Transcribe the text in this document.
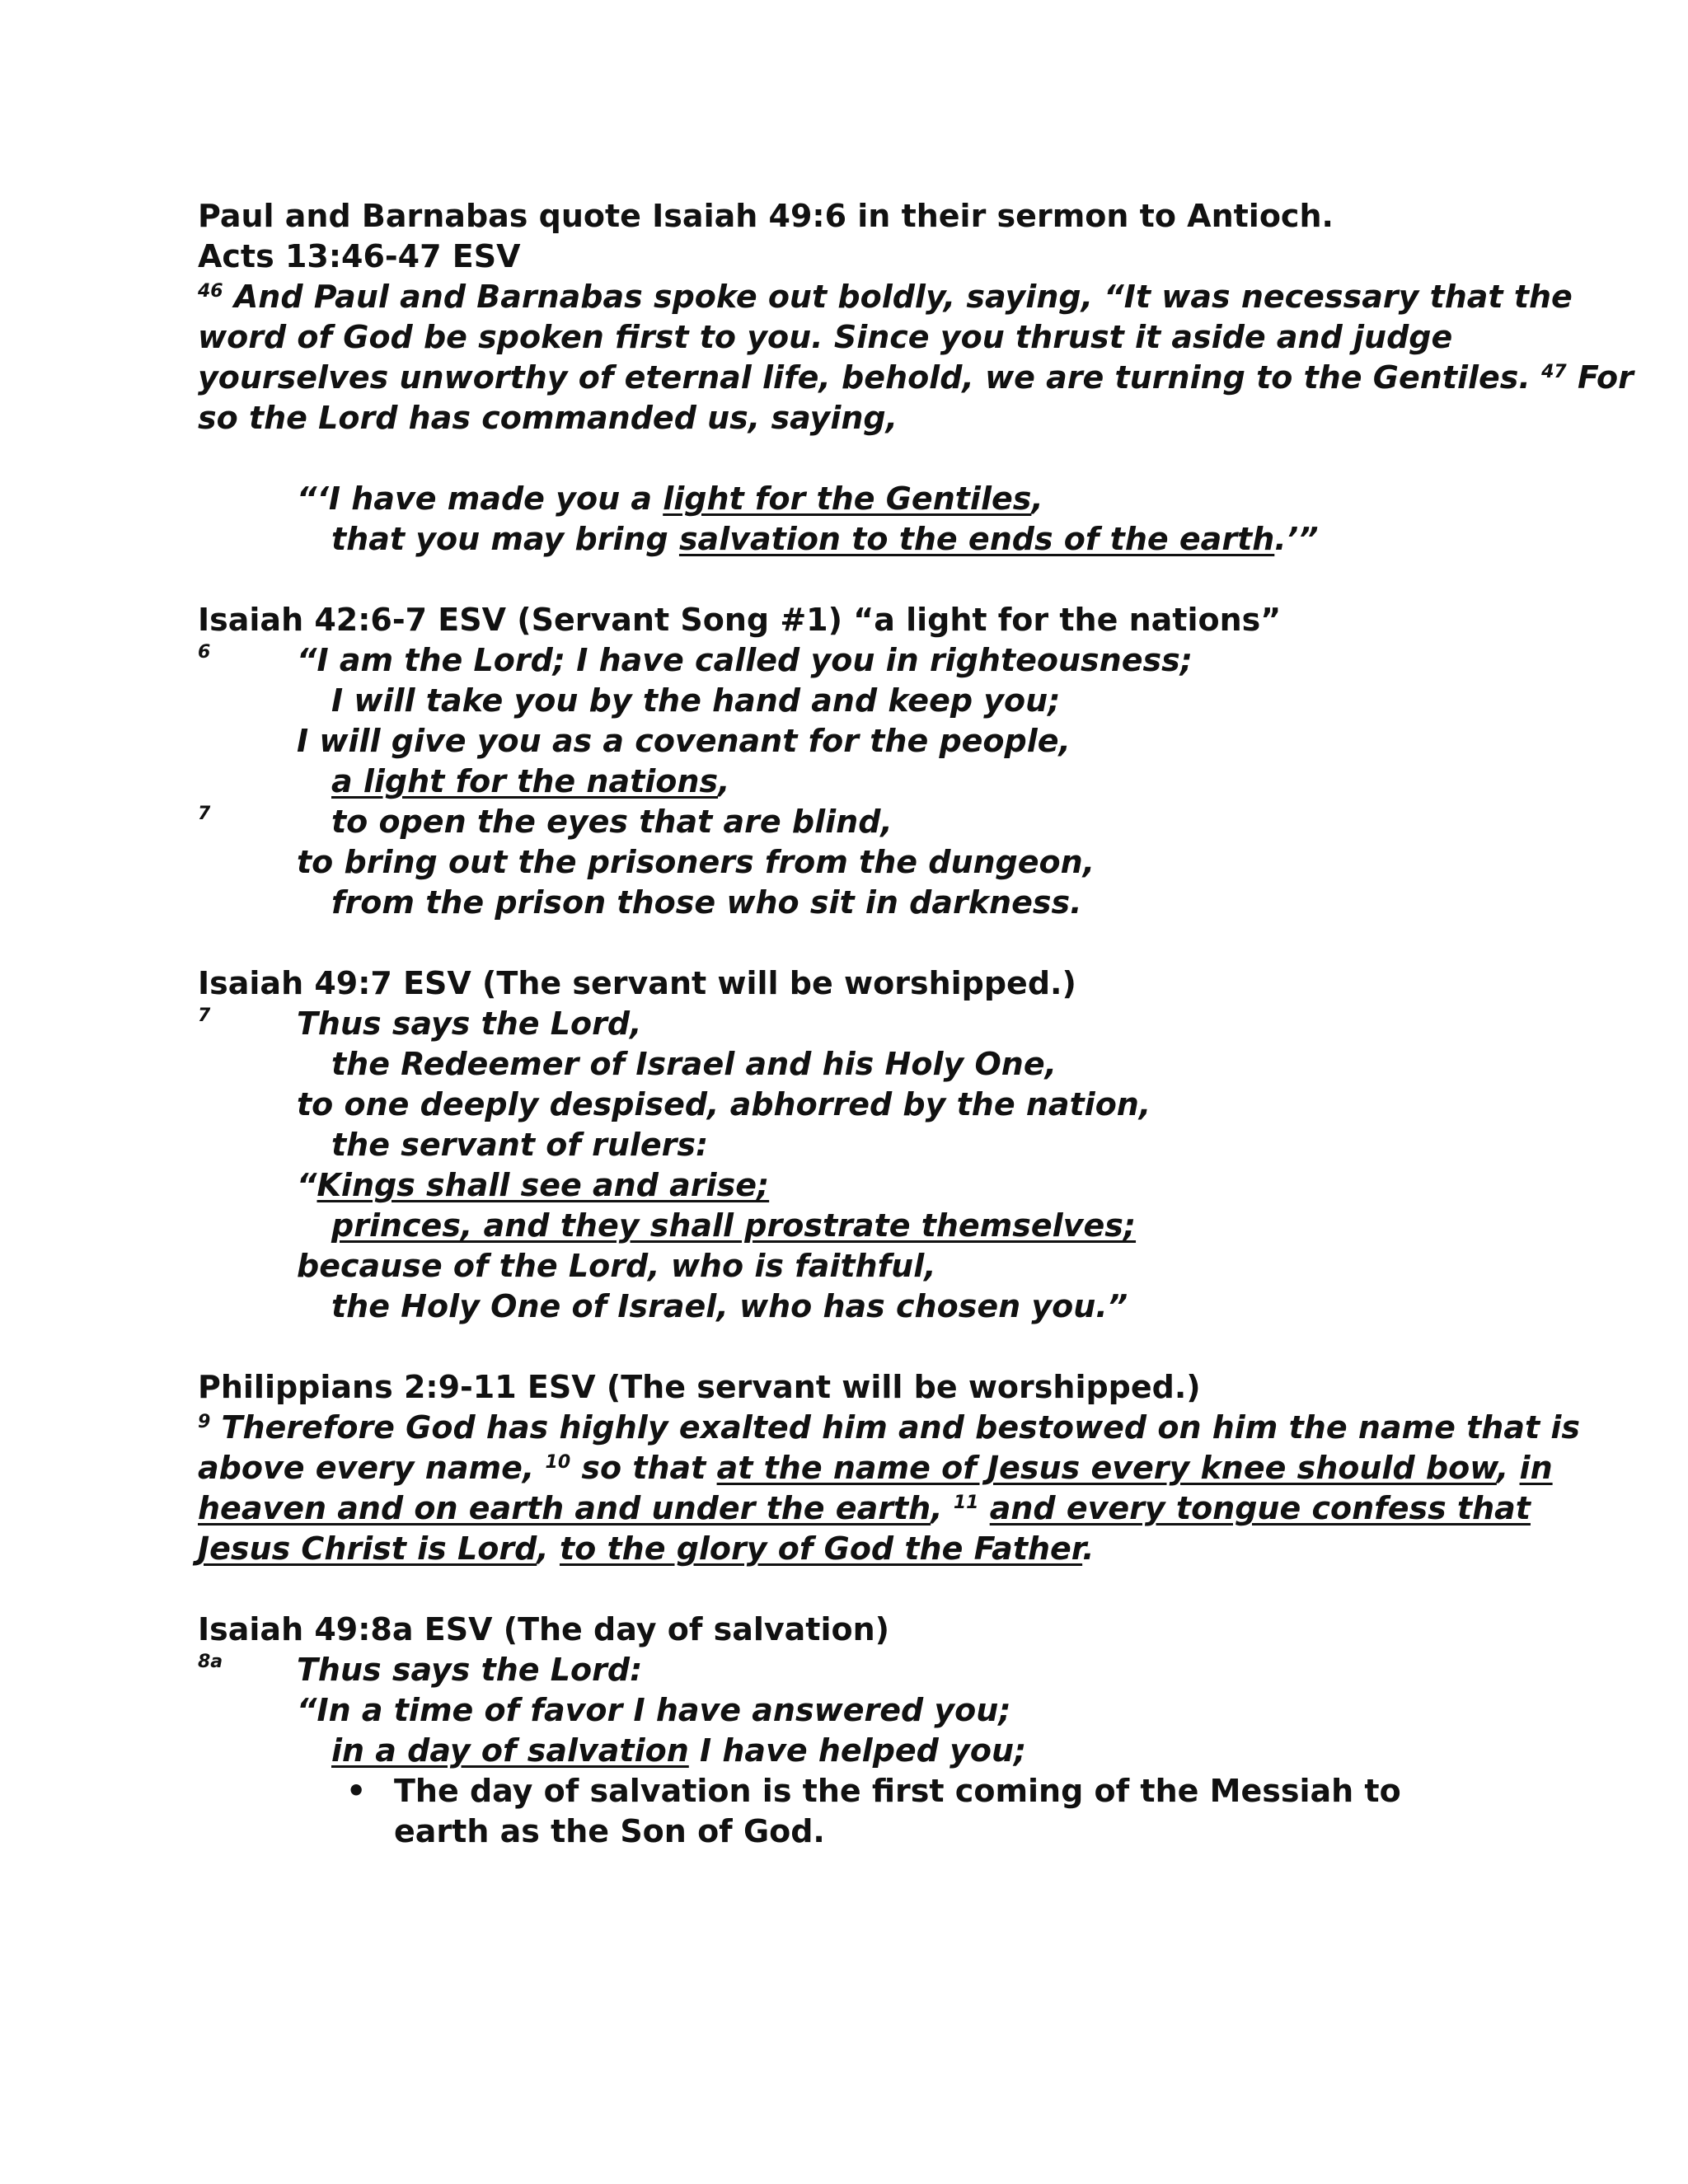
Paul and Barnabas quote Isaiah 49:6 in their sermon to Antioch.

Acts 13:46-47 ESV

$^{46}$ And Paul and Barnabas spoke out boldly, saying, “It was necessary that the

word of God be spoken first to you. Since you thrust it aside and judge

yourselves unworthy of eternal life, behold, we are turning to the Gentiles. $^{47}$ For

so the Lord has commanded us, saying,

“‘I have made you a light for the Gentiles,

that you may bring salvation to the ends of the earth.’”

Isaiah 42:6-7 ESV (Servant Song #1) “a light for the nations”

6
7

“I am the Lord; I have called you in righteousness;

I will take you by the hand and keep you;

I will give you as a covenant for the people,

a light for the nations,

to open the eyes that are blind,

to bring out the prisoners from the dungeon,

from the prison those who sit in darkness.

Isaiah 49:7 ESV (The servant will be worshipped.)

7	Thus says the Lord,

the Redeemer of Israel and his Holy One,

to one deeply despised, abhorred by the nation,

the servant of rulers:

“Kings shall see and arise;

princes, and they shall prostrate themselves;

because of the Lord, who is faithful,

the Holy One of Israel, who has chosen you.”

Philippians 2:9-11 ESV (The servant will be worshipped.)

$^9$ Therefore God has highly exalted him and bestowed on him the name that is

above every name, $^{10}$ so that at the name of Jesus every knee should bow, in

heaven and on earth and under the earth, $^{11}$ and every tongue confess that

Jesus Christ is Lord, to the glory of God the Father.

Isaiah 49:8a ESV (The day of salvation)

8a	Thus says the Lord:

“In a time of favor I have answered you;

in a day of salvation I have helped you;

• The day of salvation is the first coming of the Messiah to earth as the Son of God.
